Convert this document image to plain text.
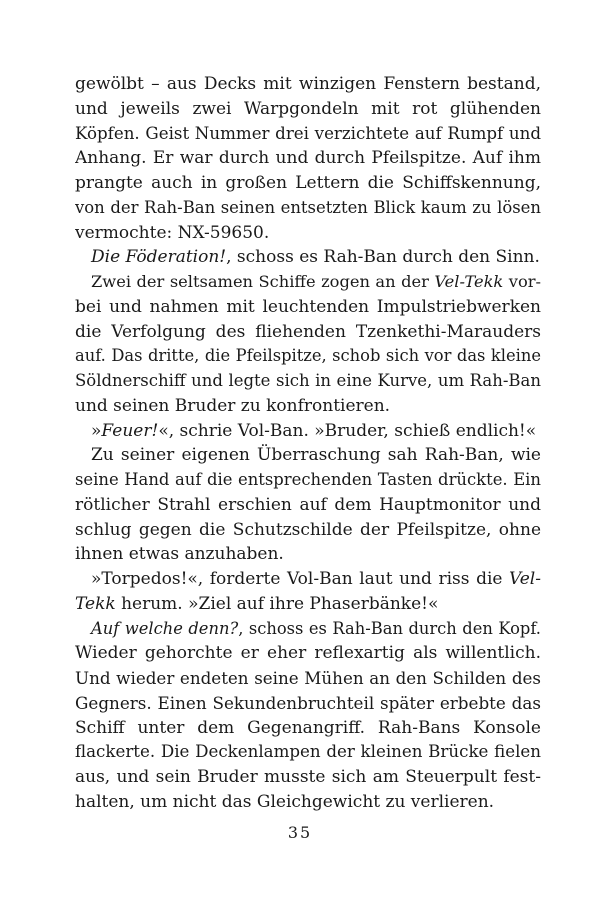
gewölbt – aus Decks mit winzigen Fenstern bestand,
und jeweils zwei Warpgondeln mit rot glühenden
Köpfen. Geist Nummer drei verzichtete auf Rumpf und
Anhang. Er war durch und durch Pfeilspitze. Auf ihm
prangte auch in großen Lettern die Schiffskennung,
von der Rah-Ban seinen entsetzten Blick kaum zu lösen
vermochte: NX-59650.
Die Föderation!, schoss es Rah-Ban durch den Sinn.
Zwei der seltsamen Schiffe zogen an der Vel-Tekk vor-
bei und nahmen mit leuchtenden Impulstriebwerken
die Verfolgung des fliehenden Tzenkethi-Marauders
auf. Das dritte, die Pfeilspitze, schob sich vor das kleine
Söldnerschiff und legte sich in eine Kurve, um Rah-Ban
und seinen Bruder zu konfrontieren.
»Feuer!«, schrie Vol-Ban. »Bruder, schieß endlich!«
Zu seiner eigenen Überraschung sah Rah-Ban, wie
seine Hand auf die entsprechenden Tasten drückte. Ein
rötlicher Strahl erschien auf dem Hauptmonitor und
schlug gegen die Schutzschilde der Pfeilspitze, ohne
ihnen etwas anzuhaben.
»Torpedos!«, forderte Vol-Ban laut und riss die Vel-
Tekk herum. »Ziel auf ihre Phaserbänke!«
Auf welche denn?, schoss es Rah-Ban durch den Kopf.
Wieder gehorchte er eher reflexartig als willentlich.
Und wieder endeten seine Mühen an den Schilden des
Gegners. Einen Sekundenbruchteil später erbebte das
Schiff unter dem Gegenangriff. Rah-Bans Konsole
flackerte. Die Deckenlampen der kleinen Brücke fielen
aus, und sein Bruder musste sich am Steuerpult fest-
halten, um nicht das Gleichgewicht zu verlieren.
35
